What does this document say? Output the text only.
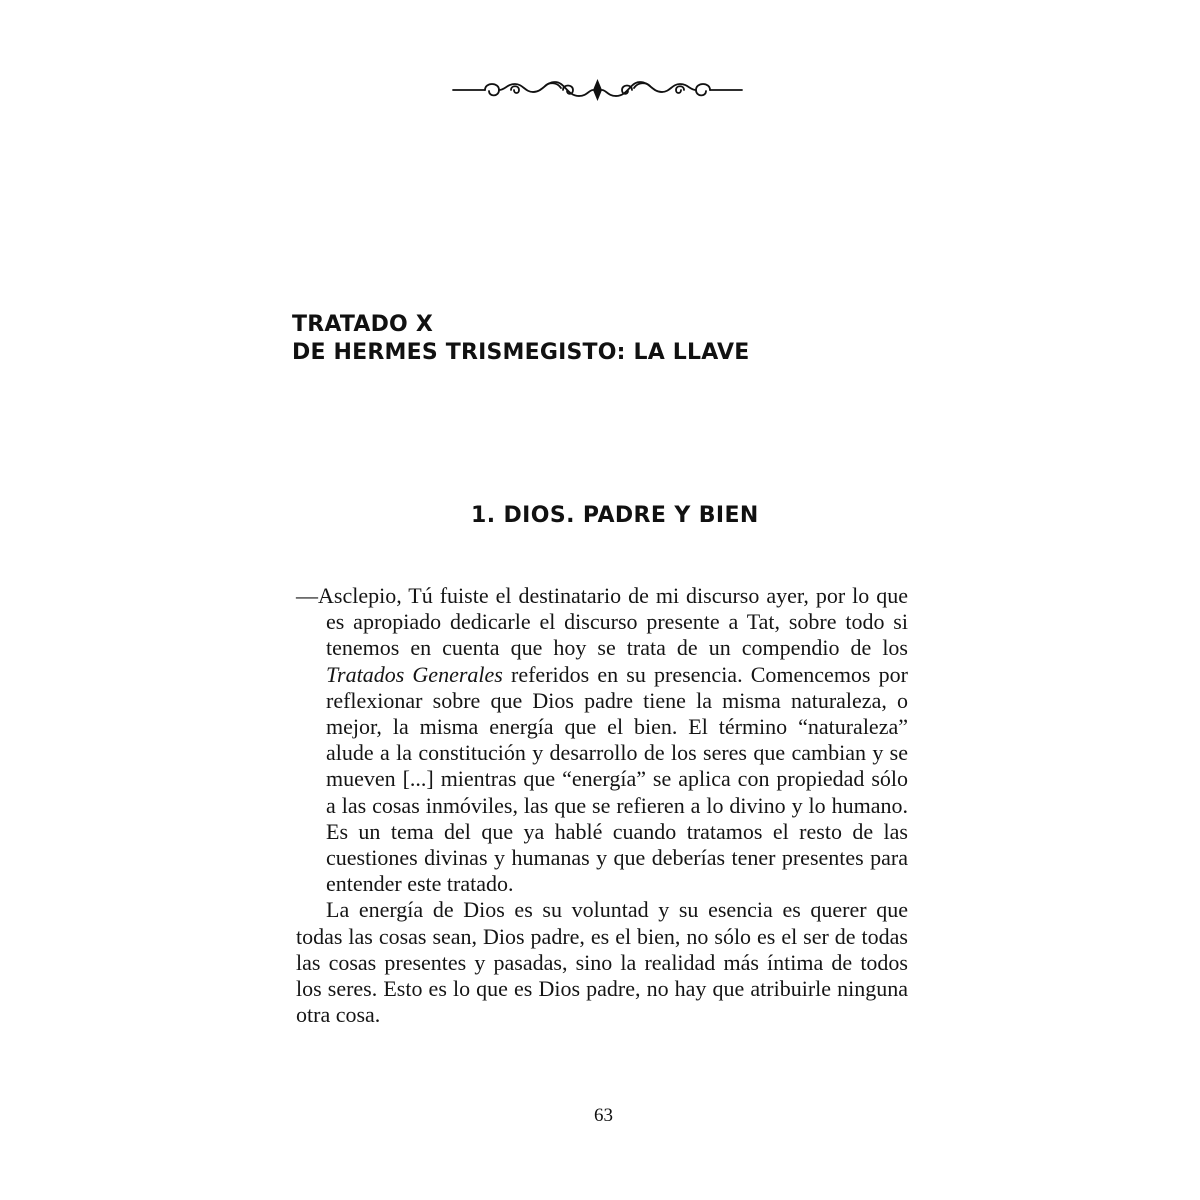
TRATADO X
DE HERMES TRISMEGISTO: LA LLAVE
1. DIOS. PADRE Y BIEN

—Asclepio, Tú fuiste el destinatario de mi discurso ayer, por lo que es apropiado dedicarle el discurso presente a Tat, sobre todo si tenemos en cuenta que hoy se trata de un compendio de los Tratados Generales referidos en su presencia. Comencemos por reflexionar sobre que Dios padre tiene la misma naturaleza, o mejor, la misma energía que el bien. El término “naturaleza” alude a la constitución y desarrollo de los seres que cambian y se mueven [...] mientras que “energía” se aplica con propiedad sólo a las cosas inmóviles, las que se refieren a lo divino y lo humano. Es un tema del que ya hablé cuando tratamos el resto de las cuestiones divinas y humanas y que deberías tener presentes para entender este tratado.

La energía de Dios es su voluntad y su esencia es querer que todas las cosas sean, Dios padre, es el bien, no sólo es el ser de todas las cosas presentes y pasadas, sino la realidad más íntima de todos los seres. Esto es lo que es Dios padre, no hay que atribuirle ninguna otra cosa.

63
